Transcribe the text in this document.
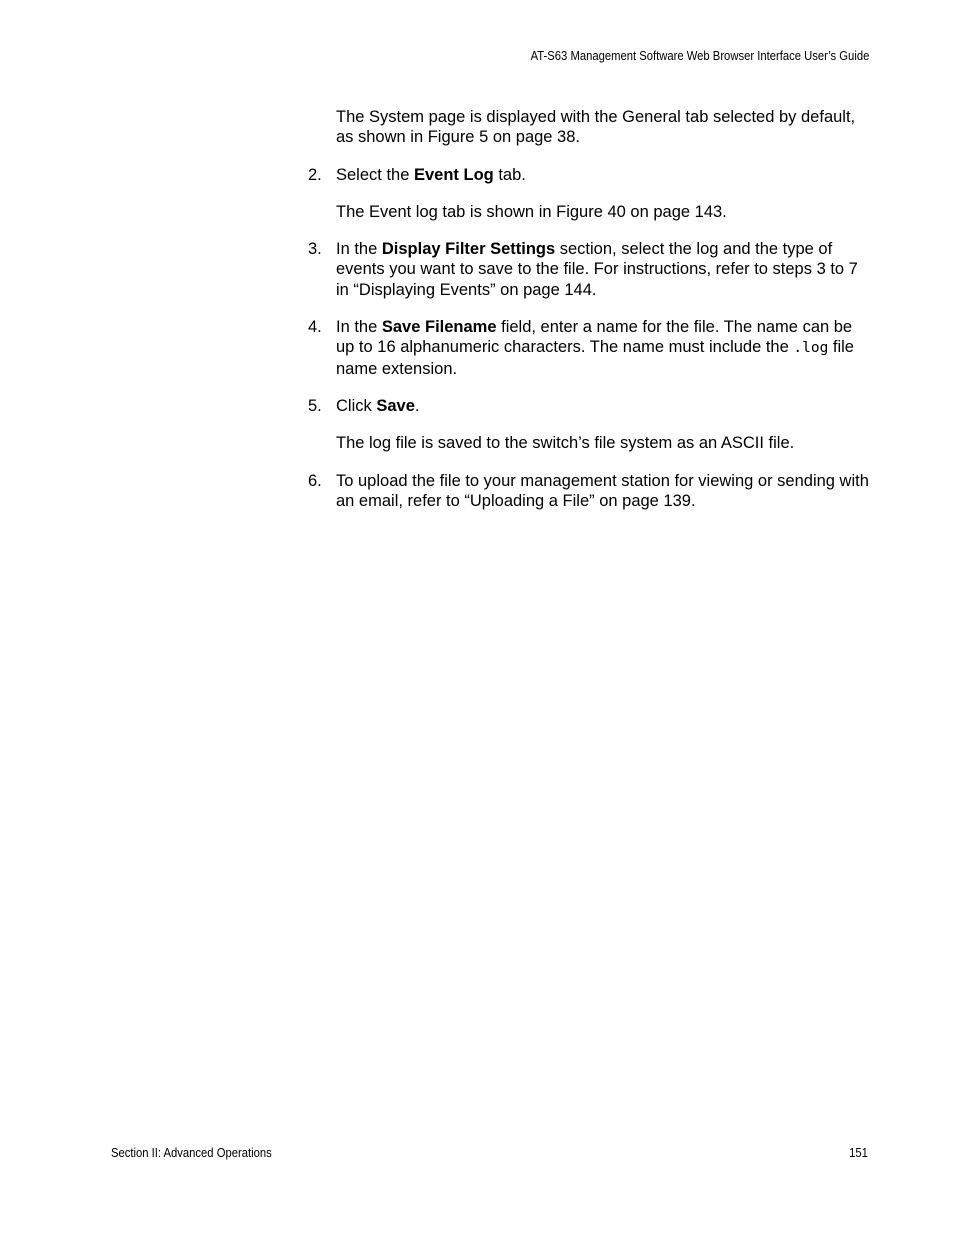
AT-S63 Management Software Web Browser Interface User’s Guide

The System page is displayed with the General tab selected by default, as shown in Figure 5 on page 38.

2. Select the Event Log tab.

The Event log tab is shown in Figure 40 on page 143.

3. In the Display Filter Settings section, select the log and the type of events you want to save to the file. For instructions, refer to steps 3 to 7 in “Displaying Events” on page 144.
4. In the Save Filename field, enter a name for the file. The name can be up to 16 alphanumeric characters. The name must include the .log file name extension.
5. Click Save.

The log file is saved to the switch’s file system as an ASCII file.

6. To upload the file to your management station for viewing or sending with an email, refer to “Uploading a File” on page 139.
Section II: Advanced Operations	151
